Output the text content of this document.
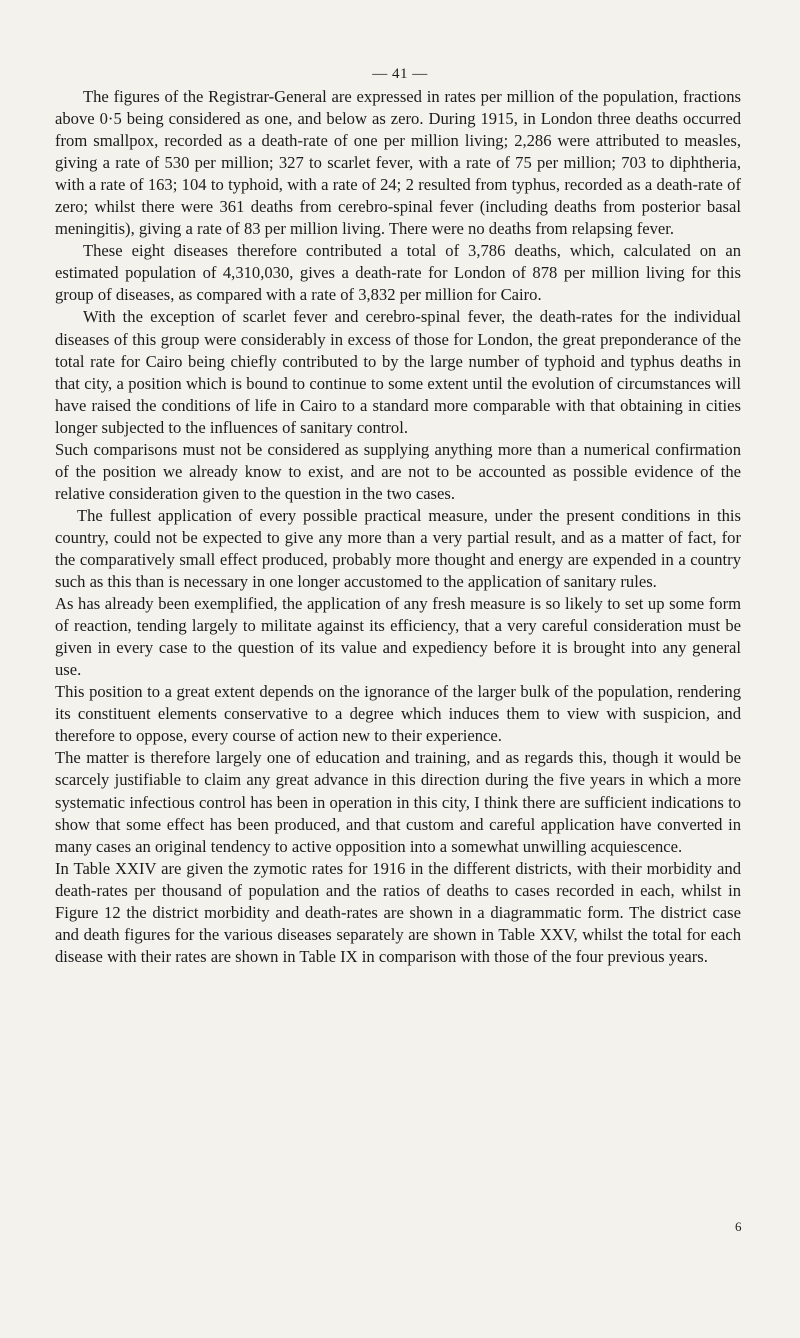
— 41 —

The figures of the Registrar-General are expressed in rates per million of the population, fractions above 0·5 being considered as one, and below as zero. During 1915, in London three deaths occurred from smallpox, recorded as a death-rate of one per million living; 2,286 were attributed to measles, giving a rate of 530 per million; 327 to scarlet fever, with a rate of 75 per million; 703 to diphtheria, with a rate of 163; 104 to typhoid, with a rate of 24; 2 resulted from typhus, recorded as a death-rate of zero; whilst there were 361 deaths from cerebro-spinal fever (including deaths from posterior basal meningitis), giving a rate of 83 per million living. There were no deaths from relapsing fever.

These eight diseases therefore contributed a total of 3,786 deaths, which, calculated on an estimated population of 4,310,030, gives a death-rate for London of 878 per million living for this group of diseases, as compared with a rate of 3,832 per million for Cairo.

With the exception of scarlet fever and cerebro-spinal fever, the death-rates for the individual diseases of this group were considerably in excess of those for London, the great preponderance of the total rate for Cairo being chiefly contributed to by the large number of typhoid and typhus deaths in that city, a position which is bound to continue to some extent until the evolution of circumstances will have raised the conditions of life in Cairo to a standard more comparable with that obtaining in cities longer subjected to the influences of sanitary control.

Such comparisons must not be considered as supplying anything more than a numerical confirmation of the position we already know to exist, and are not to be accounted as possible evidence of the relative consideration given to the question in the two cases.

The fullest application of every possible practical measure, under the present conditions in this country, could not be expected to give any more than a very partial result, and as a matter of fact, for the comparatively small effect produced, probably more thought and energy are expended in a country such as this than is necessary in one longer accustomed to the application of sanitary rules.

As has already been exemplified, the application of any fresh measure is so likely to set up some form of reaction, tending largely to militate against its efficiency, that a very careful consideration must be given in every case to the question of its value and expediency before it is brought into any general use.

This position to a great extent depends on the ignorance of the larger bulk of the population, rendering its constituent elements conservative to a degree which induces them to view with suspicion, and therefore to oppose, every course of action new to their experience.

The matter is therefore largely one of education and training, and as regards this, though it would be scarcely justifiable to claim any great advance in this direction during the five years in which a more systematic infectious control has been in operation in this city, I think there are sufficient indications to show that some effect has been produced, and that custom and careful application have converted in many cases an original tendency to active opposition into a somewhat unwilling acquiescence.

In Table XXIV are given the zymotic rates for 1916 in the different districts, with their morbidity and death-rates per thousand of population and the ratios of deaths to cases recorded in each, whilst in Figure 12 the district morbidity and death-rates are shown in a diagrammatic form. The district case and death figures for the various diseases separately are shown in Table XXV, whilst the total for each disease with their rates are shown in Table IX in comparison with those of the four previous years.

6
